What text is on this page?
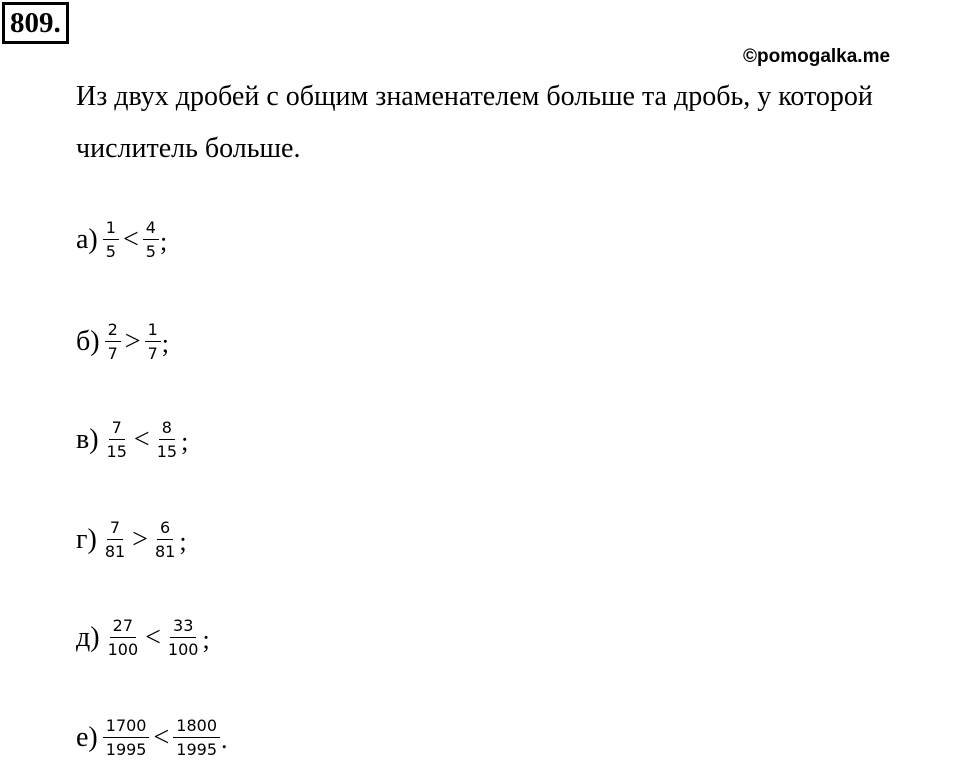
809.
©pomogalka.me
Из двух дробей с общим знаменателем больше та дробь, у которой
числитель больше.
$а) \frac{1}{5} < \frac{4}{5}$ ;
$б) \frac{2}{7} > \frac{1}{7}$ ;
$в) \frac{7}{15} < \frac{8}{15}$ ;
$г) \frac{7}{81} > \frac{6}{81}$ ;
$д) \frac{27}{100} < \frac{33}{100}$ ;
$е) \frac{1700}{1995} < \frac{1800}{1995}$ .
